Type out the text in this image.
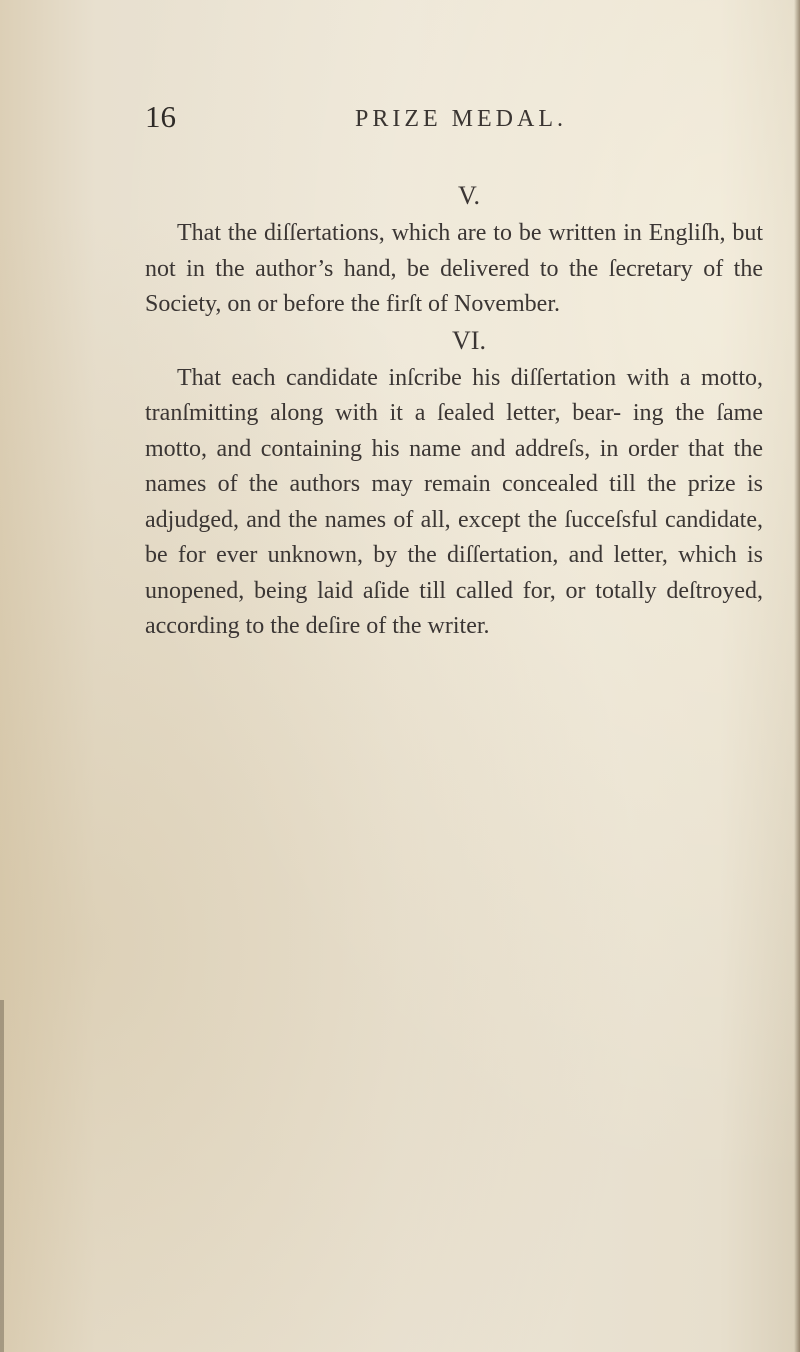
16	PRIZE MEDAL.

V.

That the diſſertations, which are to be written in Engliſh, but not in the author’s hand, be delivered to the ſecretary of the Society, on or before the firſt of November.

VI.

That each candidate inſcribe his diſſertation with a motto, tranſmitting along with it a ſealed letter, bear- ing the ſame motto, and containing his name and addreſs, in order that the names of the authors may remain concealed till the prize is adjudged, and the names of all, except the ſucceſsful candidate, be for ever unknown, by the diſſertation, and letter, which is unopened, being laid aſide till called for, or totally deſtroyed, according to the deſire of the writer.
